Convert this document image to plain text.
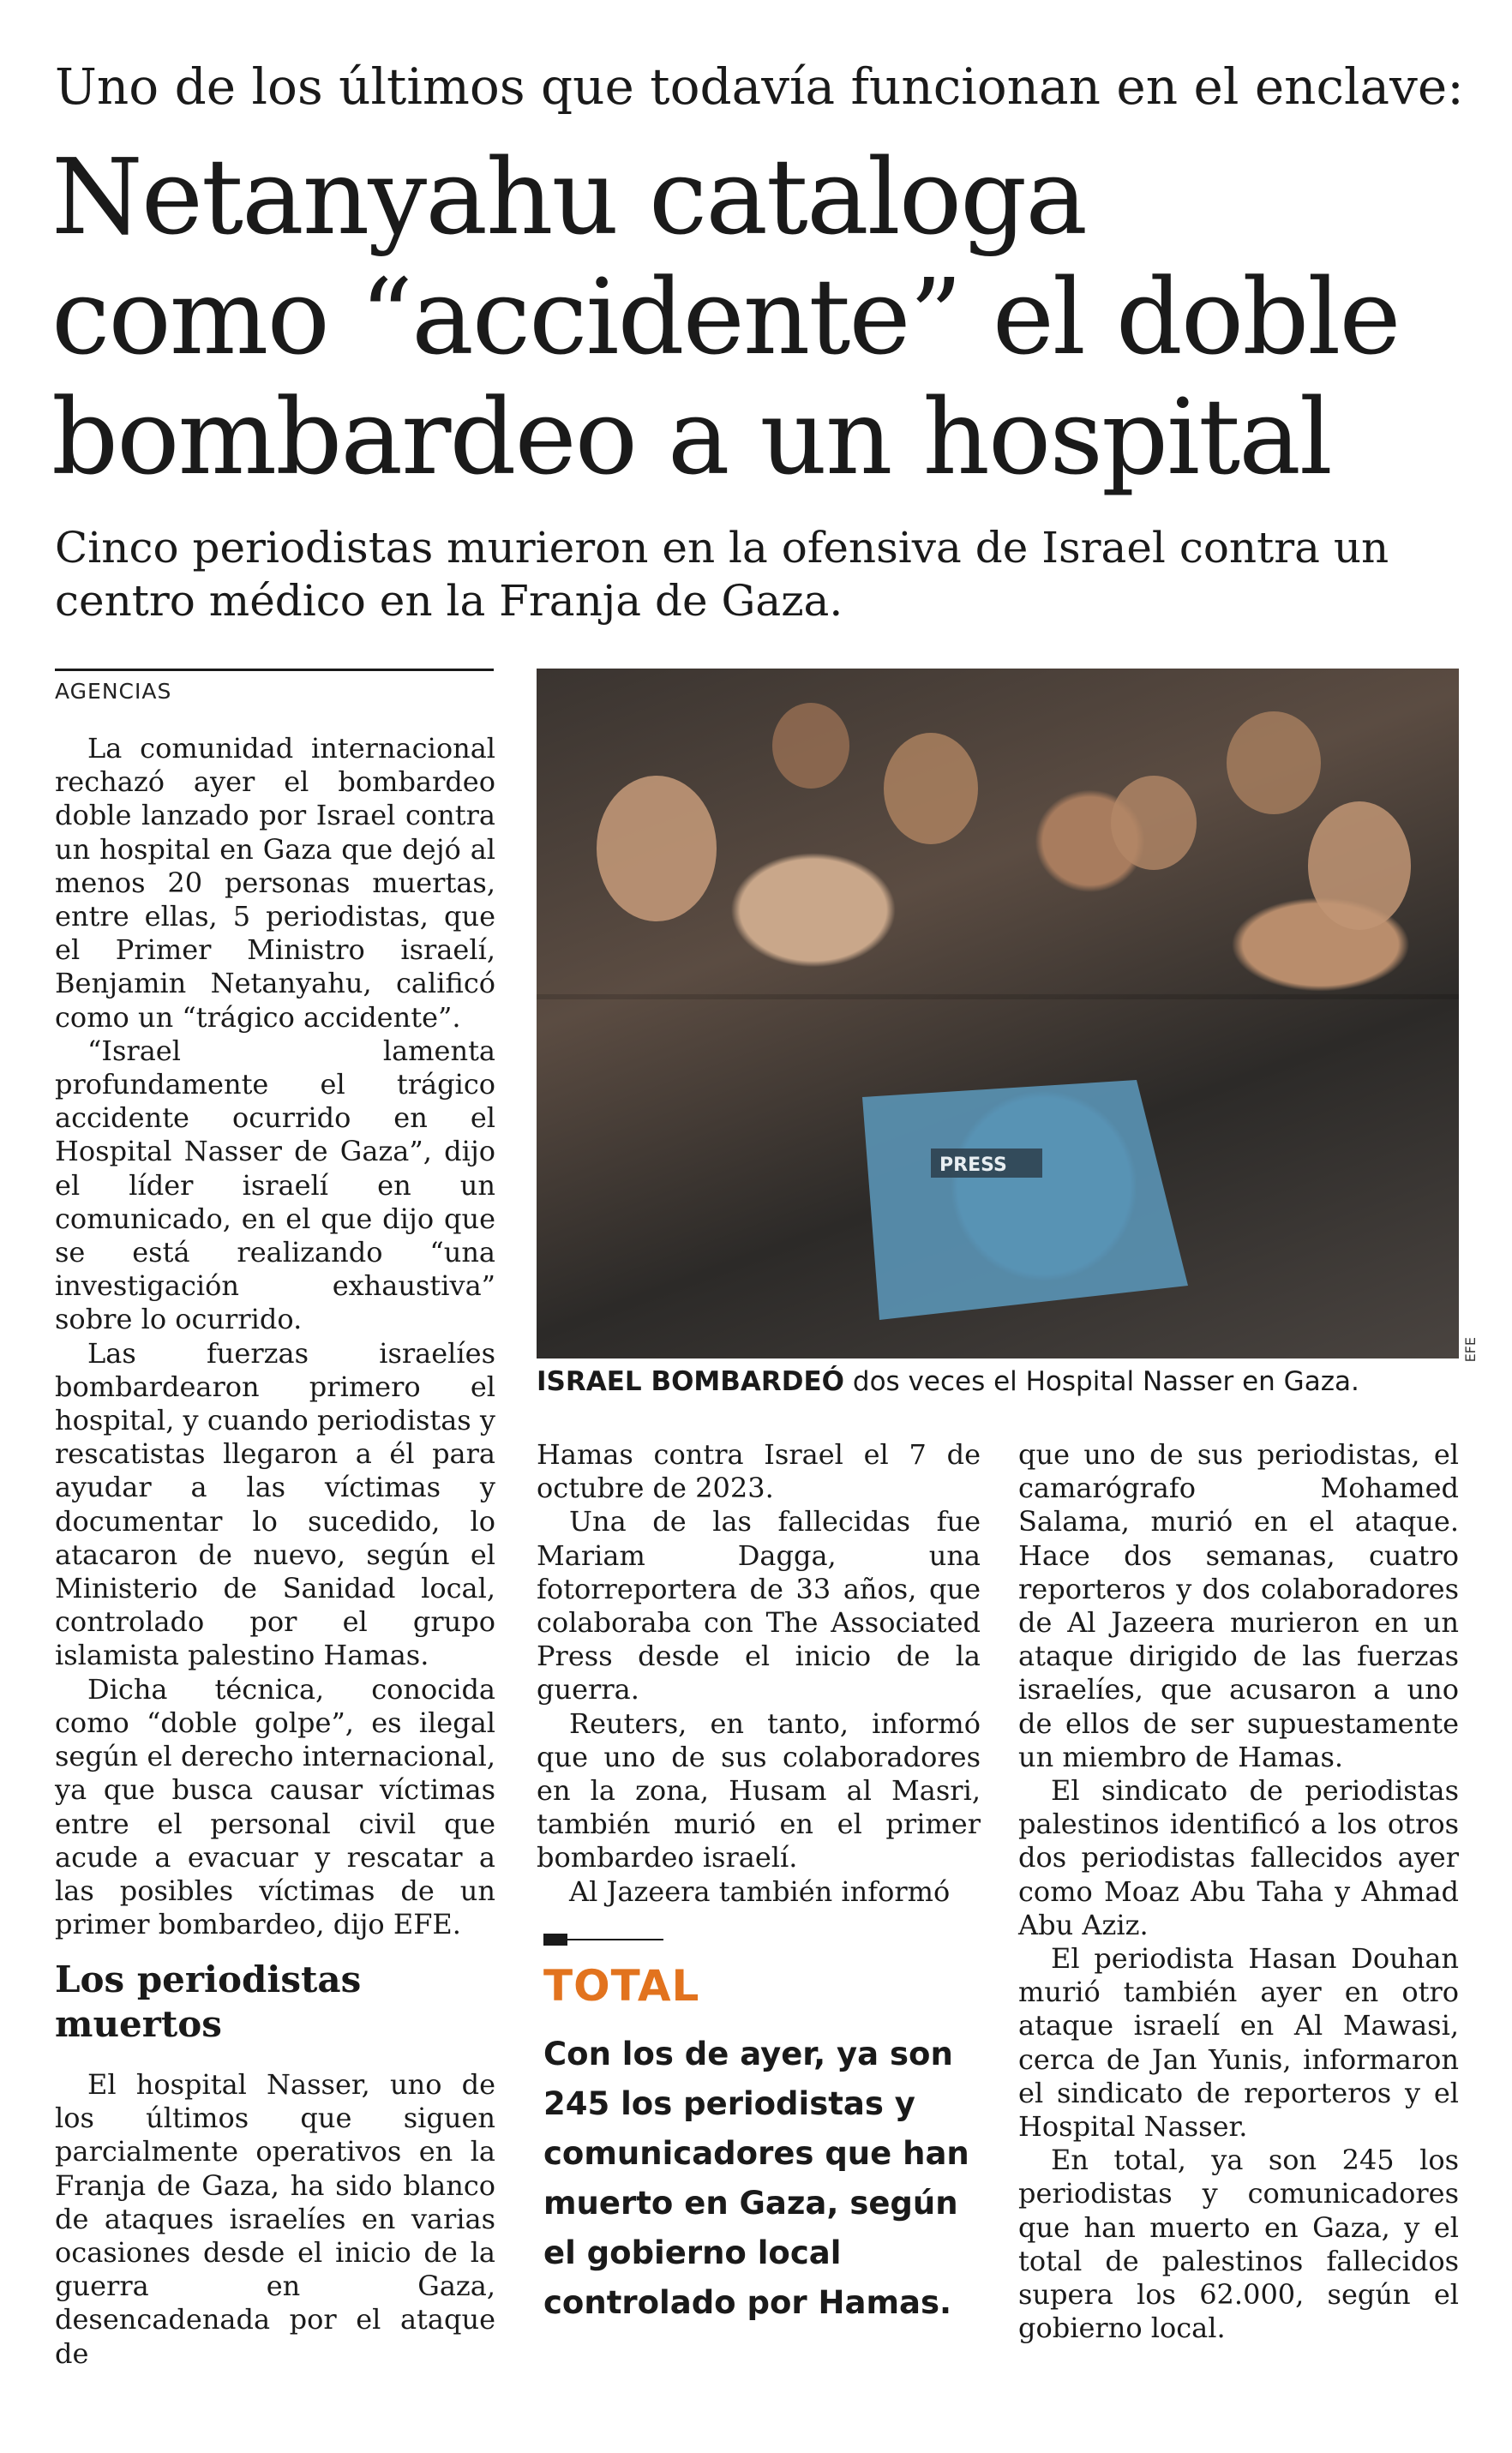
Uno de los últimos que todavía funcionan en el enclave:
Netanyahu cataloga
como “accidente” el doble
bombardeo a un hospital
Cinco periodistas murieron en la ofensiva de Israel contra un
centro médico en la Franja de Gaza.
AGENCIAS

La comunidad internacional rechazó ayer el bombardeo doble lanzado por Israel contra un hospital en Gaza que dejó al menos 20 personas muertas, entre ellas, 5 periodistas, que el Primer Ministro israelí, Benjamin Netanyahu, calificó como un “trágico accidente”.

“Israel lamenta profundamente el trágico accidente ocurrido en el Hospital Nasser de Gaza”, dijo el líder israelí en un comunicado, en el que dijo que se está realizando “una investigación exhaustiva” sobre lo ocurrido.

Las fuerzas israelíes bombardearon primero el hospital, y cuando periodistas y rescatistas llegaron a él para ayudar a las víctimas y documentar lo sucedido, lo atacaron de nuevo, según el Ministerio de Sanidad local, controlado por el grupo islamista palestino Hamas.

Dicha técnica, conocida como “doble golpe”, es ilegal según el derecho internacional, ya que busca causar víctimas entre el personal civil que acude a evacuar y rescatar a las posibles víctimas de un primer bombardeo, dijo EFE.

Los periodistas muertos

El hospital Nasser, uno de los últimos que siguen parcialmente operativos en la Franja de Gaza, ha sido blanco de ataques israelíes en varias ocasiones desde el inicio de la guerra en Gaza, desencadenada por el ataque de

PRESS
EFE
ISRAEL BOMBARDEÓ dos veces el Hospital Nasser en Gaza.

Hamas contra Israel el 7 de octubre de 2023.

Una de las fallecidas fue Mariam Dagga, una fotorreportera de 33 años, que colaboraba con The Associated Press desde el inicio de la guerra.

Reuters, en tanto, informó que uno de sus colaboradores en la zona, Husam al Masri, también murió en el primer bombardeo israelí.

Al Jazeera también informó

TOTAL
Con los de ayer, ya son
245 los periodistas y
comunicadores que han
muerto en Gaza, según
el gobierno local
controlado por Hamas.

que uno de sus periodistas, el camarógrafo Mohamed Salama, murió en el ataque. Hace dos semanas, cuatro reporteros y dos colaboradores de Al Jazeera murieron en un ataque dirigido de las fuerzas israelíes, que acusaron a uno de ellos de ser supuestamente un miembro de Hamas.

El sindicato de periodistas palestinos identificó a los otros dos periodistas fallecidos ayer como Moaz Abu Taha y Ahmad Abu Aziz.

El periodista Hasan Douhan murió también ayer en otro ataque israelí en Al Mawasi, cerca de Jan Yunis, informaron el sindicato de reporteros y el Hospital Nasser.

En total, ya son 245 los periodistas y comunicadores que han muerto en Gaza, y el total de palestinos fallecidos supera los 62.000, según el gobierno local.
